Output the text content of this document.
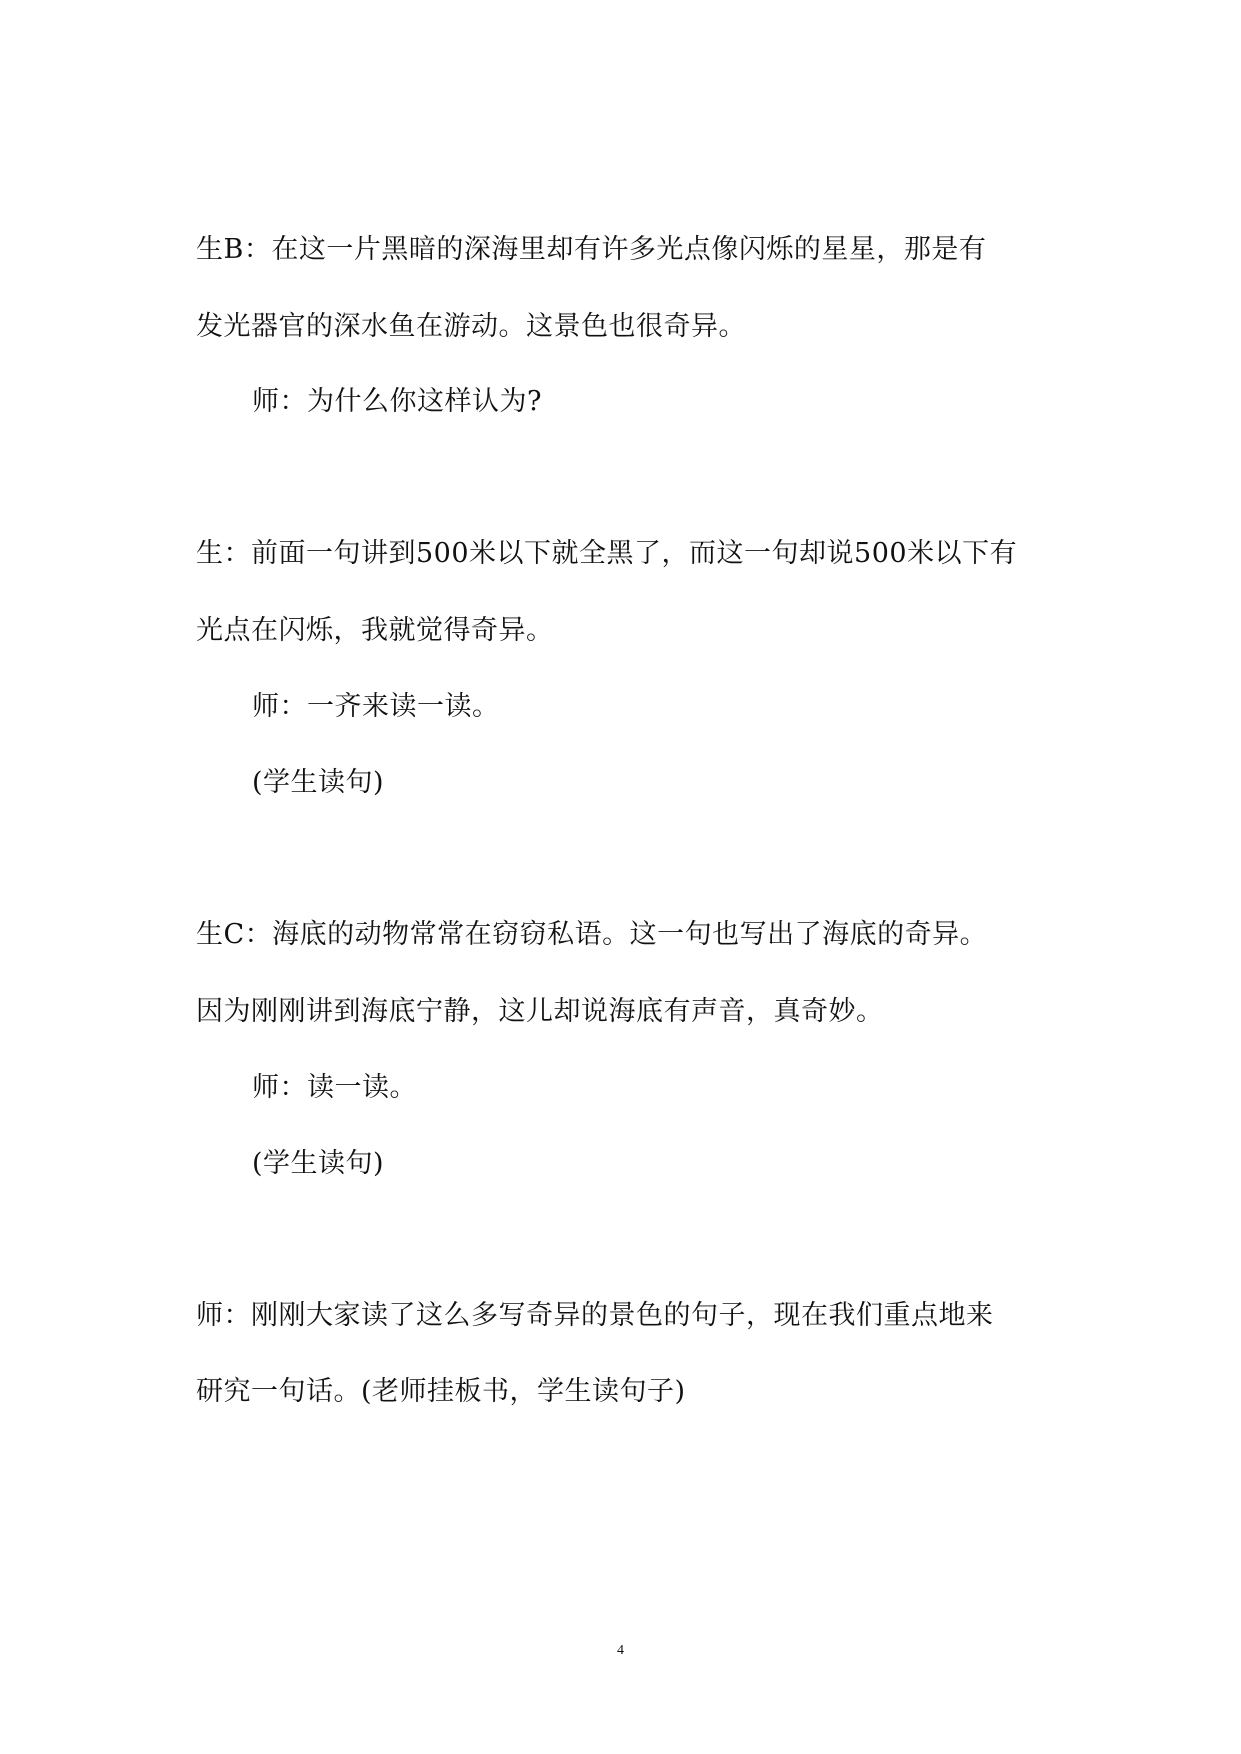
生B：在这一片黑暗的深海里却有许多光点像闪烁的星星，那是有
发光器官的深水鱼在游动。这景色也很奇异。
师：为什么你这样认为?
生：前面一句讲到500米以下就全黑了，而这一句却说500米以下有
光点在闪烁，我就觉得奇异。
师：一齐来读一读。
(学生读句)
生C：海底的动物常常在窃窃私语。这一句也写出了海底的奇异。
因为刚刚讲到海底宁静，这儿却说海底有声音，真奇妙。
师：读一读。
(学生读句)
师：刚刚大家读了这么多写奇异的景色的句子，现在我们重点地来
研究一句话。(老师挂板书，学生读句子)
4
